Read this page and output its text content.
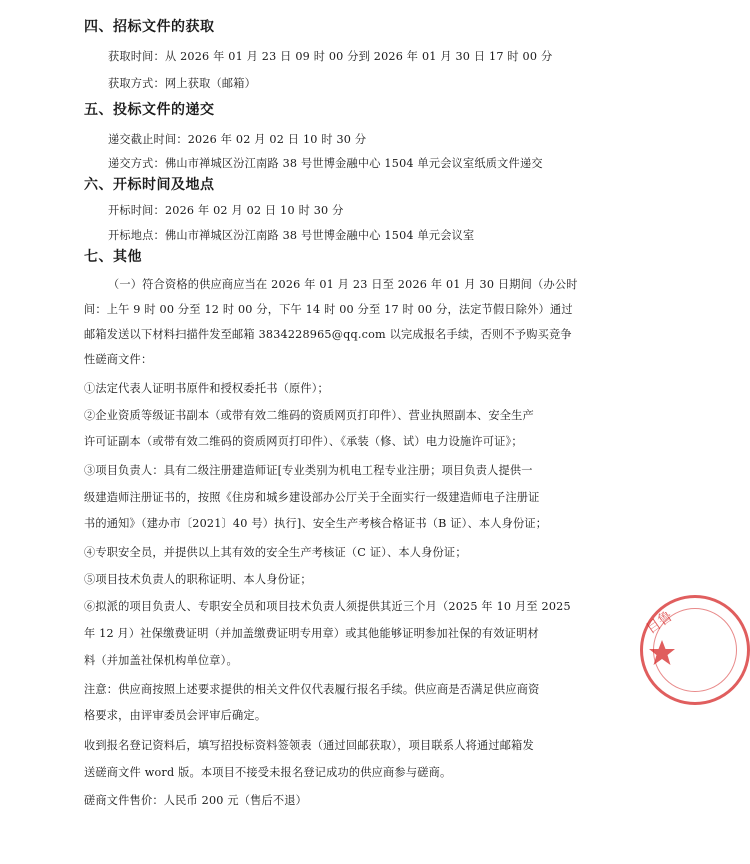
四、招标文件的获取
获取时间：从 2026 年 01 月 23 日 09 时 00 分到 2026 年 01 月 30 日 17 时 00 分
获取方式：网上获取（邮箱）
五、投标文件的递交
递交截止时间：2026 年 02 月 02 日 10 时 30 分
递交方式：佛山市禅城区汾江南路 38 号世博金融中心 1504 单元会议室纸质文件递交
六、开标时间及地点
开标时间：2026 年 02 月 02 日 10 时 30 分
开标地点：佛山市禅城区汾江南路 38 号世博金融中心 1504 单元会议室
七、其他
（一）符合资格的供应商应当在 2026 年 01 月 23 日至 2026 年 01 月 30 日期间（办公时
间：上午 9 时 00 分至 12 时 00 分，下午 14 时 00 分至 17 时 00 分，法定节假日除外）通过
邮箱发送以下材料扫描件发至邮箱 3834228965@qq.com 以完成报名手续，否则不予购买竞争
性磋商文件：
①法定代表人证明书原件和授权委托书（原件）；
②企业资质等级证书副本（或带有效二维码的资质网页打印件）、营业执照副本、安全生产
许可证副本（或带有效二维码的资质网页打印件）、《承装（修、试）电力设施许可证》；
③项目负责人：具有二级注册建造师证[专业类别为机电工程专业注册；项目负责人提供一
级建造师注册证书的，按照《住房和城乡建设部办公厅关于全面实行一级建造师电子注册证
书的通知》（建办市〔2021〕40 号）执行]、安全生产考核合格证书（B 证）、本人身份证；
④专职安全员，并提供以上其有效的安全生产考核证（C 证）、本人身份证；
⑤项目技术负责人的职称证明、本人身份证；
⑥拟派的项目负责人、专职安全员和项目技术负责人须提供其近三个月（2025 年 10 月至 2025
年 12 月）社保缴费证明（并加盖缴费证明专用章）或其他能够证明参加社保的有效证明材
料（并加盖社保机构单位章）。
注意：供应商按照上述要求提供的相关文件仅代表履行报名手续。供应商是否满足供应商资
格要求，由评审委员会评审后确定。
收到报名登记资料后，填写招投标资料签领表（通过回邮获取），项目联系人将通过邮箱发
送磋商文件 word 版。本项目不接受未报名登记成功的供应商参与磋商。
磋商文件售价：人民币 200 元（售后不退）
目鲁
